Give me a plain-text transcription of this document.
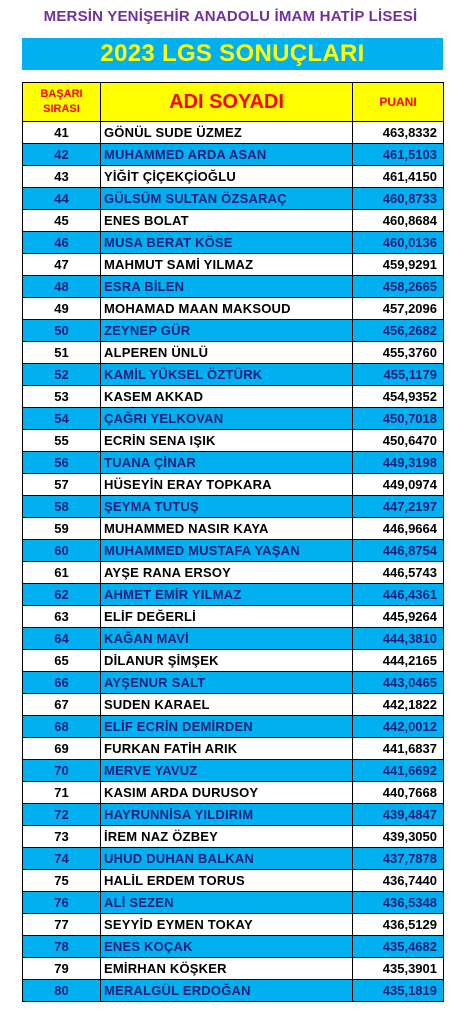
MERSİN YENİŞEHİR ANADOLU İMAM HATİP LİSESİ
2023 LGS SONUÇLARI
BAŞARI
SIRASI	ADI SOYADI	PUANI
41	GÖNÜL SUDE ÜZMEZ	463,8332
42	MUHAMMED ARDA ASAN	461,5103
43	YİĞİT ÇİÇEKÇİOĞLU	461,4150
44	GÜLSÜM SULTAN ÖZSARAÇ	460,8733
45	ENES BOLAT	460,8684
46	MUSA BERAT KÖSE	460,0136
47	MAHMUT SAMİ YILMAZ	459,9291
48	ESRA BİLEN	458,2665
49	MOHAMAD MAAN MAKSOUD	457,2096
50	ZEYNEP GÜR	456,2682
51	ALPEREN ÜNLÜ	455,3760
52	KAMİL YÜKSEL ÖZTÜRK	455,1179
53	KASEM AKKAD	454,9352
54	ÇAĞRI YELKOVAN	450,7018
55	ECRİN SENA IŞIK	450,6470
56	TUANA ÇİNAR	449,3198
57	HÜSEYİN ERAY TOPKARA	449,0974
58	ŞEYMA TUTUŞ	447,2197
59	MUHAMMED NASIR KAYA	446,9664
60	MUHAMMED MUSTAFA YAŞAN	446,8754
61	AYŞE RANA ERSOY	446,5743
62	AHMET EMİR YILMAZ	446,4361
63	ELİF DEĞERLİ	445,9264
64	KAĞAN MAVİ	444,3810
65	DİLANUR ŞİMŞEK	444,2165
66	AYŞENUR SALT	443,0465
67	SUDEN KARAEL	442,1822
68	ELİF ECRİN DEMİRDEN	442,0012
69	FURKAN FATİH ARIK	441,6837
70	MERVE YAVUZ	441,6692
71	KASIM ARDA DURUSOY	440,7668
72	HAYRUNNİSA YILDIRIM	439,4847
73	İREM NAZ ÖZBEY	439,3050
74	UHUD DUHAN BALKAN	437,7878
75	HALİL ERDEM TORUS	436,7440
76	ALİ SEZEN	436,5348
77	SEYYİD EYMEN TOKAY	436,5129
78	ENES KOÇAK	435,4682
79	EMİRHAN KÖŞKER	435,3901
80	MERALGÜL ERDOĞAN	435,1819
